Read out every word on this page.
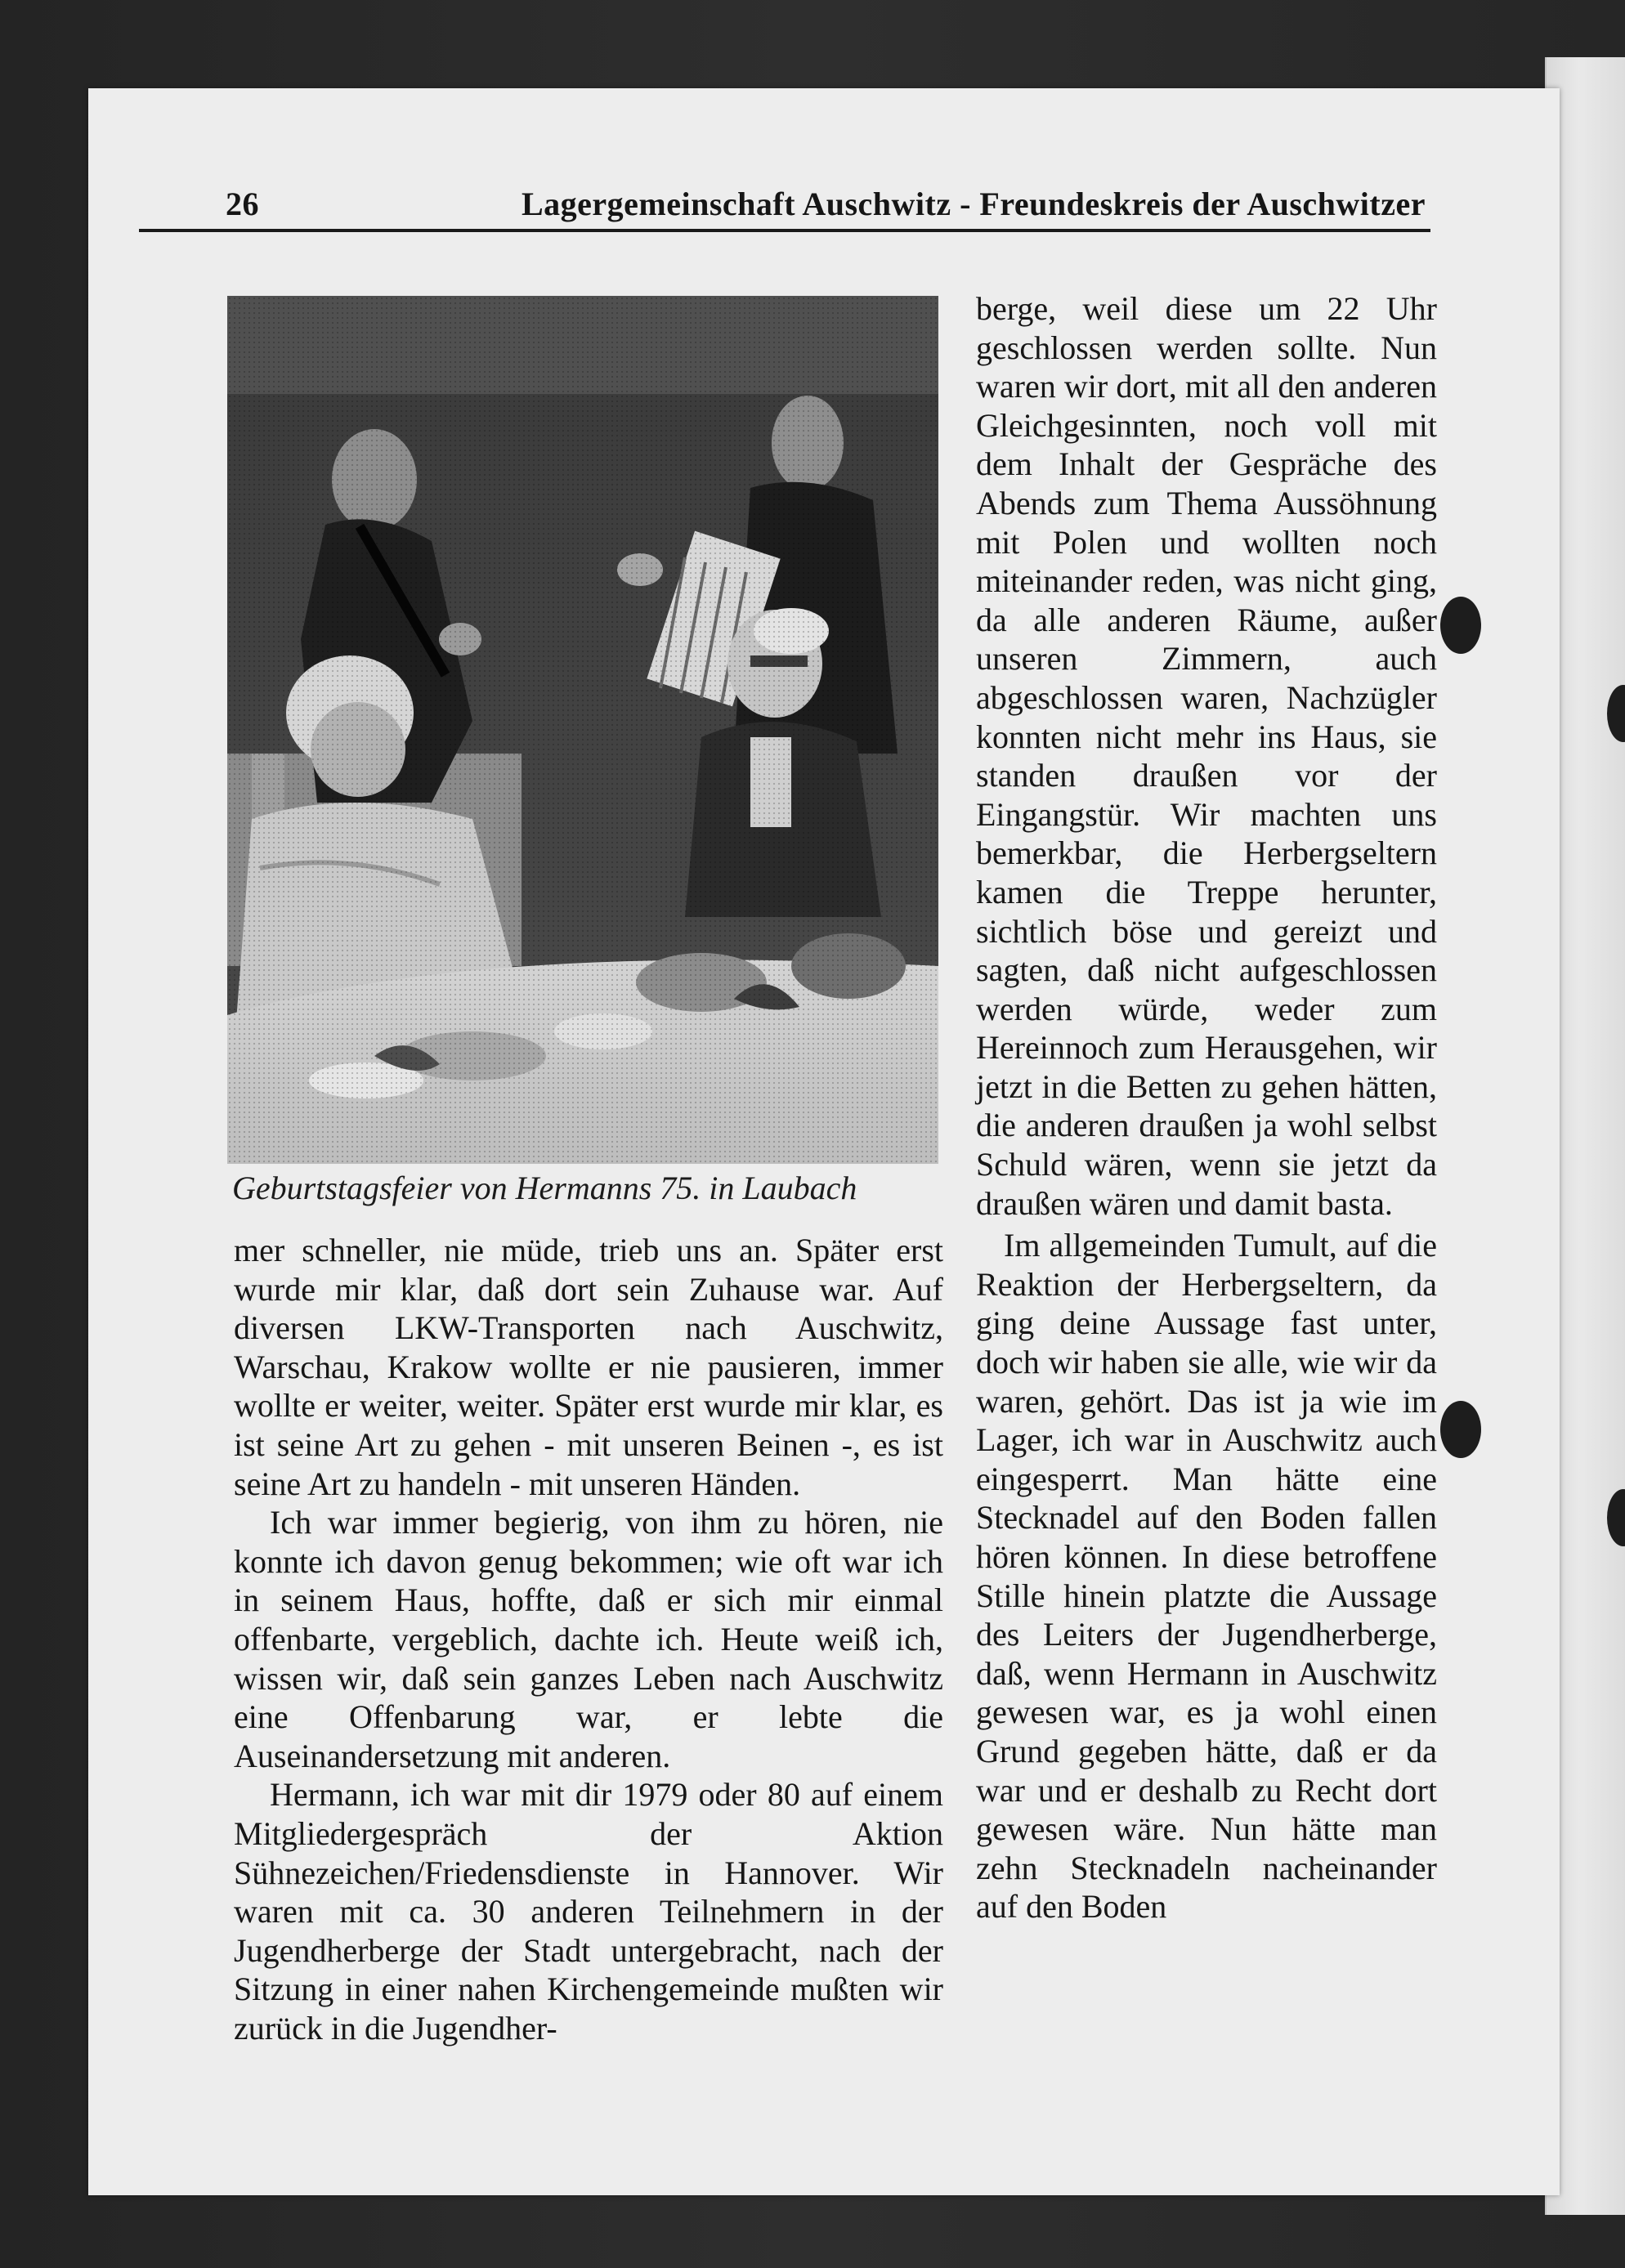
26	Lagergemeinschaft Auschwitz - Freundeskreis der Auschwitzer
Geburtstagsfeier von Hermanns 75. in Laubach

mer schneller, nie müde, trieb uns an. Später erst wurde mir klar, daß dort sein Zuhause war. Auf diversen LKW-Transporten nach Auschwitz, Warschau, Krakow wollte er nie pausieren, immer wollte er weiter, weiter. Später erst wurde mir klar, es ist seine Art zu gehen - mit unseren Beinen -, es ist seine Art zu handeln - mit unseren Händen.

Ich war immer begierig, von ihm zu hören, nie konnte ich davon genug bekommen; wie oft war ich in seinem Haus, hoffte, daß er sich mir einmal offenbarte, vergeblich, dachte ich. Heute weiß ich, wissen wir, daß sein ganzes Leben nach Auschwitz eine Offenbarung war, er lebte die Auseinandersetzung mit anderen.

Hermann, ich war mit dir 1979 oder 80 auf einem Mitgliedergespräch der Aktion Sühnezeichen/Friedensdienste in Hannover. Wir waren mit ca. 30 anderen Teilnehmern in der Jugendherberge der Stadt untergebracht, nach der Sitzung in einer nahen Kirchengemeinde mußten wir zurück in die Jugendher-

berge, weil diese um 22 Uhr geschlossen werden sollte. Nun waren wir dort, mit all den anderen Gleichgesinnten, noch voll mit dem Inhalt der Gespräche des Abends zum Thema Aussöhnung mit Polen und wollten noch miteinander reden, was nicht ging, da alle anderen Räume, außer unseren Zimmern, auch abgeschlossen waren, Nachzügler konnten nicht mehr ins Haus, sie standen draußen vor der Eingangstür. Wir machten uns bemerkbar, die Herbergseltern kamen die Treppe herunter, sichtlich böse und gereizt und sagten, daß nicht aufgeschlossen werden würde, weder zum Hereinnoch zum Herausgehen, wir jetzt in die Betten zu gehen hätten, die anderen draußen ja wohl selbst Schuld wären, wenn sie jetzt da draußen wären und damit basta.

Im allgemeinden Tumult, auf die Reaktion der Herbergseltern, da ging deine Aussage fast unter, doch wir haben sie alle, wie wir da waren, gehört. Das ist ja wie im Lager, ich war in Auschwitz auch eingesperrt. Man hätte eine Stecknadel auf den Boden fallen hören können. In diese betroffene Stille hinein platzte die Aussage des Leiters der Jugendherberge, daß, wenn Hermann in Auschwitz gewesen war, es ja wohl einen Grund gegeben hätte, daß er da war und er deshalb zu Recht dort gewesen wäre. Nun hätte man zehn Stecknadeln nacheinander auf den Boden
